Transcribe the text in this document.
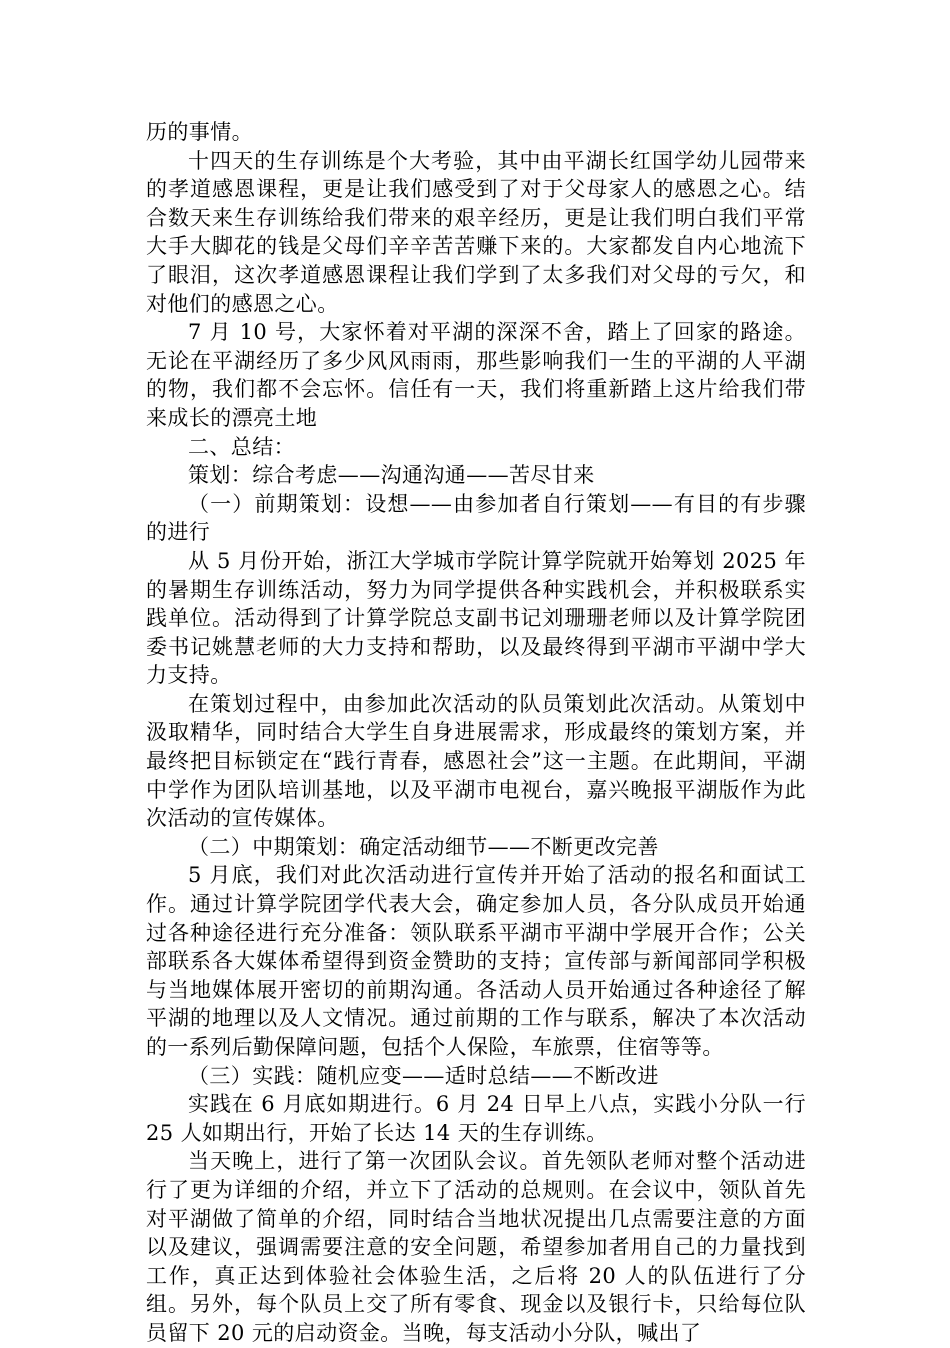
历的事情。

十四天的生存训练是个大考验，其中由平湖长红国学幼儿园带来的孝道感恩课程，更是让我们感受到了对于父母家人的感恩之心。结合数天来生存训练给我们带来的艰辛经历，更是让我们明白我们平常大手大脚花的钱是父母们辛辛苦苦赚下来的。大家都发自内心地流下了眼泪，这次孝道感恩课程让我们学到了太多我们对父母的亏欠，和对他们的感恩之心。

7 月 10 号，大家怀着对平湖的深深不舍，踏上了回家的路途。无论在平湖经历了多少风风雨雨，那些影响我们一生的平湖的人平湖的物，我们都不会忘怀。信任有一天，我们将重新踏上这片给我们带来成长的漂亮土地

二、总结：

策划：综合考虑——沟通沟通——苦尽甘来

（一）前期策划：设想——由参加者自行策划——有目的有步骤的进行

从 5 月份开始，浙江大学城市学院计算学院就开始筹划 2025 年的暑期生存训练活动，努力为同学提供各种实践机会，并积极联系实践单位。活动得到了计算学院总支副书记刘珊珊老师以及计算学院团委书记姚慧老师的大力支持和帮助，以及最终得到平湖市平湖中学大力支持。

在策划过程中，由参加此次活动的队员策划此次活动。从策划中汲取精华，同时结合大学生自身进展需求，形成最终的策划方案，并最终把目标锁定在“践行青春，感恩社会”这一主题。在此期间，平湖中学作为团队培训基地，以及平湖市电视台，嘉兴晚报平湖版作为此次活动的宣传媒体。

（二）中期策划：确定活动细节——不断更改完善

5 月底，我们对此次活动进行宣传并开始了活动的报名和面试工作。通过计算学院团学代表大会，确定参加人员，各分队成员开始通过各种途径进行充分准备：领队联系平湖市平湖中学展开合作；公关部联系各大媒体希望得到资金赞助的支持；宣传部与新闻部同学积极与当地媒体展开密切的前期沟通。各活动人员开始通过各种途径了解平湖的地理以及人文情况。通过前期的工作与联系，解决了本次活动的一系列后勤保障问题，包括个人保险，车旅票，住宿等等。

（三）实践：随机应变——适时总结——不断改进

实践在 6 月底如期进行。6 月 24 日早上八点，实践小分队一行 25 人如期出行，开始了长达 14 天的生存训练。

当天晚上，进行了第一次团队会议。首先领队老师对整个活动进行了更为详细的介绍，并立下了活动的总规则。在会议中，领队首先对平湖做了简单的介绍，同时结合当地状况提出几点需要注意的方面以及建议，强调需要注意的安全问题，希望参加者用自己的力量找到工作，真正达到体验社会体验生活，之后将 20 人的队伍进行了分组。另外，每个队员上交了所有零食、现金以及银行卡，只给每位队员留下 20 元的启动资金。当晚，每支活动小分队，喊出了
